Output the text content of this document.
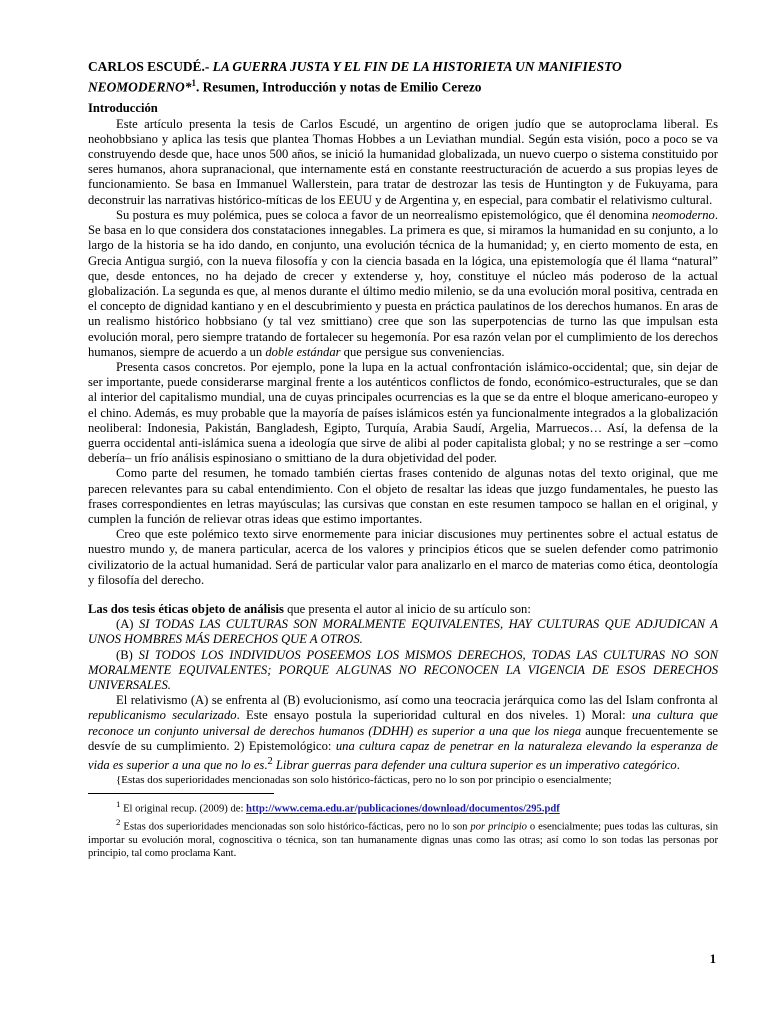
CARLOS ESCUDÉ.- LA GUERRA JUSTA Y EL FIN DE LA HISTORIETA UN MANIFIESTO NEOMODERNO*$^1$. Resumen, Introducción y notas de Emilio Cerezo
Introducción

Este artículo presenta la tesis de Carlos Escudé, un argentino de origen judío que se autoproclama liberal. Es neohobbsiano y aplica las tesis que plantea Thomas Hobbes a un Leviathan mundial. Según esta visión, poco a poco se va construyendo desde que, hace unos 500 años, se inició la humanidad globalizada, un nuevo cuerpo o sistema constituido por seres humanos, ahora supranacional, que internamente está en constante reestructuración de acuerdo a sus propias leyes de funcionamiento. Se basa en Immanuel Wallerstein, para tratar de destrozar las tesis de Huntington y de Fukuyama, para deconstruir las narrativas histórico-míticas de los EEUU y de Argentina y, en especial, para combatir el relativismo cultural.

Su postura es muy polémica, pues se coloca a favor de un neorrealismo epistemológico, que él denomina neomoderno. Se basa en lo que considera dos constataciones innegables. La primera es que, si miramos la humanidad en su conjunto, a lo largo de la historia se ha ido dando, en conjunto, una evolución técnica de la humanidad; y, en cierto momento de esta, en Grecia Antigua surgió, con la nueva filosofía y con la ciencia basada en la lógica, una epistemología que él llama “natural” que, desde entonces, no ha dejado de crecer y extenderse y, hoy, constituye el núcleo más poderoso de la actual globalización. La segunda es que, al menos durante el último medio milenio, se da una evolución moral positiva, centrada en el concepto de dignidad kantiano y en el descubrimiento y puesta en práctica paulatinos de los derechos humanos. En aras de un realismo histórico hobbsiano (y tal vez smittiano) cree que son las superpotencias de turno las que impulsan esta evolución moral, pero siempre tratando de fortalecer su hegemonía. Por esa razón velan por el cumplimiento de los derechos humanos, siempre de acuerdo a un doble estándar que persigue sus conveniencias.

Presenta casos concretos. Por ejemplo, pone la lupa en la actual confrontación islámico-occidental; que, sin dejar de ser importante, puede considerarse marginal frente a los auténticos conflictos de fondo, económico-estructurales, que se dan al interior del capitalismo mundial, una de cuyas principales ocurrencias es la que se da entre el bloque americano-europeo y el chino. Además, es muy probable que la mayoría de países islámicos estén ya funcionalmente integrados a la globalización neoliberal: Indonesia, Pakistán, Bangladesh, Egipto, Turquía, Arabia Saudí, Argelia, Marruecos… Así, la defensa de la guerra occidental anti-islámica suena a ideología que sirve de alibi al poder capitalista global; y no se restringe a ser –como debería– un frío análisis espinosiano o smittiano de la dura objetividad del poder.

Como parte del resumen, he tomado también ciertas frases contenido de algunas notas del texto original, que me parecen relevantes para su cabal entendimiento. Con el objeto de resaltar las ideas que juzgo fundamentales, he puesto las frases correspondientes en letras mayúsculas; las cursivas que constan en este resumen tampoco se hallan en el original, y cumplen la función de relievar otras ideas que estimo importantes.

Creo que este polémico texto sirve enormemente para iniciar discusiones muy pertinentes sobre el actual estatus de nuestro mundo y, de manera particular, acerca de los valores y principios éticos que se suelen defender como patrimonio civilizatorio de la actual humanidad. Será de particular valor para analizarlo en el marco de materias como ética, deontología y filosofía del derecho.

Las dos tesis éticas objeto de análisis que presenta el autor al inicio de su artículo son:

(A) SI TODAS LAS CULTURAS SON MORALMENTE EQUIVALENTES, HAY CULTURAS QUE ADJUDICAN A UNOS HOMBRES MÁS DERECHOS QUE A OTROS.

(B) SI TODOS LOS INDIVIDUOS POSEEMOS LOS MISMOS DERECHOS, TODAS LAS CULTURAS NO SON MORALMENTE EQUIVALENTES; PORQUE ALGUNAS NO RECONOCEN LA VIGENCIA DE ESOS DERECHOS UNIVERSALES.

El relativismo (A) se enfrenta al (B) evolucionismo, así como una teocracia jerárquica como las del Islam confronta al republicanismo secularizado. Este ensayo postula la superioridad cultural en dos niveles. 1) Moral: una cultura que reconoce un conjunto universal de derechos humanos (DDHH) es superior a una que los niega aunque frecuentemente se desvíe de su cumplimiento. 2) Epistemológico: una cultura capaz de penetrar en la naturaleza elevando la esperanza de vida es superior a una que no lo es.$^2$ Librar guerras para defender una cultura superior es un imperativo categórico.

{Estas dos superioridades mencionadas son solo histórico-fácticas, pero no lo son por principio o esencialmente;

$^1$ El original recup. (2009) de: http://www.cema.edu.ar/publicaciones/download/documentos/295.pdf

$^2$ Estas dos superioridades mencionadas son solo histórico-fácticas, pero no lo son por principio o esencialmente; pues todas las culturas, sin importar su evolución moral, cognoscitiva o técnica, son tan humanamente dignas unas como las otras; así como lo son todas las personas por principio, tal como proclama Kant.

1
